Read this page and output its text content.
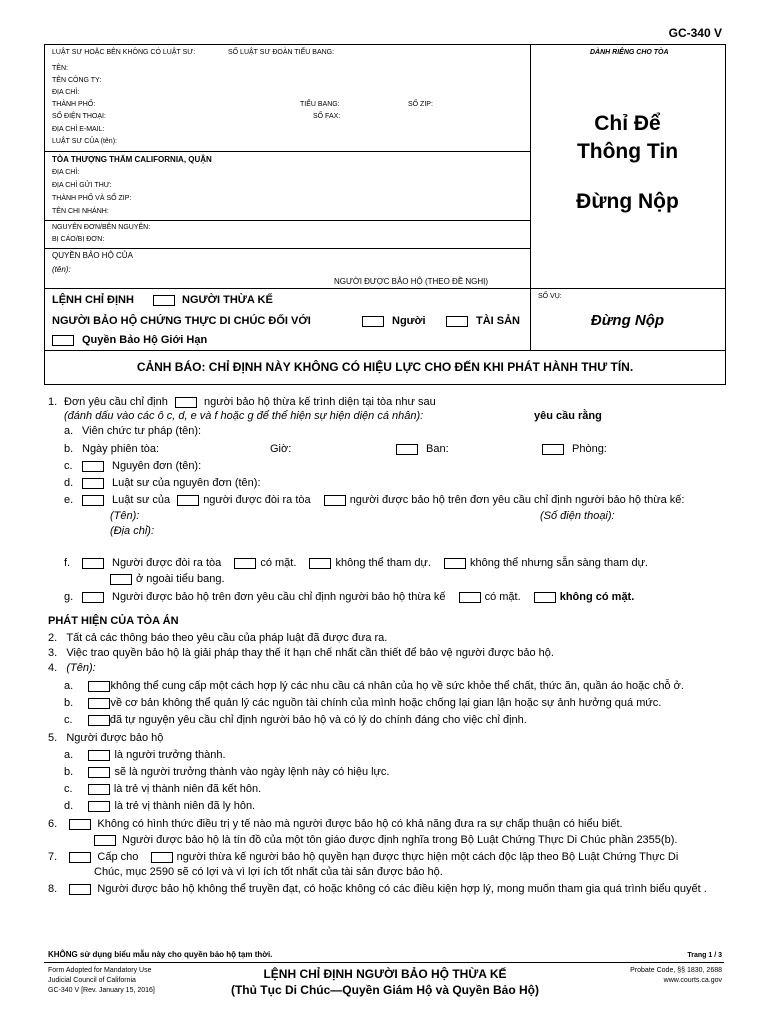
GC-340 V
LUẬT SƯ HOẶC BÊN KHÔNG CÓ LUẬT SƯ:	SỐ LUẬT SƯ ĐOÀN TIỂU BANG:	DÀNH RIÊNG CHO TÒA
TÊN:
TÊN CÔNG TY:
ĐỊA CHỈ:
THÀNH PHỐ:
SỐ ĐIỆN THOẠI:
ĐỊA CHỈ E-MAIL:
LUẬT SƯ CỦA (tên):
TIỂU BANG:	SỐ ZIP:
SỐ FAX:
TÒA THƯỢNG THẨM CALIFORNIA, QUẬN
ĐỊA CHỈ:
ĐỊA CHỈ GỬI THƯ:
THÀNH PHỐ VÀ SỐ ZIP:
TÊN CHI NHÁNH:
NGUYÊN ĐƠN/BÊN NGUYÊN:
BỊ CÁO/BỊ ĐƠN:
QUYỀN BẢO HỘ CỦA
(tên):
NGƯỜI ĐƯỢC BẢO HỘ (THEO ĐỀ NGHỊ)
Chỉ Để
Thông Tin
Đừng Nộp
SỐ VỤ:
Đừng Nộp
LỆNH CHỈ ĐỊNH	NGƯỜI THỪA KẾ
NGƯỜI BẢO HỘ CHỨNG THỰC DI CHÚC ĐỐI VỚI	Người	TÀI SẢN
Quyền Bảo Hộ Giới Hạn
CẢNH BÁO: CHỈ ĐỊNH NÀY KHÔNG CÓ HIỆU LỰC CHO ĐẾN KHI PHÁT HÀNH THƯ TÍN.
1. Đơn yêu cầu chỉ định	người bảo hộ thừa kế trình diện tại tòa như sau
(đánh dấu vào các ô c, d, e và f hoặc g để thể hiện sự hiện diện cá nhân):	yêu cầu rằng
a. Viên chức tư pháp (tên):
b. Ngày phiên tòa:	Giờ:	Ban:	Phòng:
c.	Nguyên đơn (tên):
d.	Luật sư của nguyên đơn (tên):
e.	Luật sư của	người được đòi ra tòa	người được bảo hộ trên đơn yêu cầu chỉ định người bảo hộ thừa kế:
(Tên):	(Số điện thoại):
(Địa chỉ):
f.	Người được đòi ra tòa	có mặt.	không thể tham dự.	không thể nhưng sẵn sàng tham dự.
ở ngoài tiểu bang.
g.	Người được bảo hộ trên đơn yêu cầu chỉ định người bảo hộ thừa kế	có mặt.	không có mặt.
PHÁT HIỆN CỦA TÒA ÁN
2.   Tất cả các thông báo theo yêu cầu của pháp luật đã được đưa ra.
3.   Việc trao quyền bảo hộ là giải pháp thay thế ít hạn chế nhất cần thiết để bảo vệ người được bảo hộ.
4.   (Tên):
a.     không thể cung cấp một cách hợp lý các nhu cầu cá nhân của họ về sức khỏe thể chất, thức ăn, quần áo hoặc chỗ ở.
b.     về cơ bản không thể quản lý các nguồn tài chính của mình hoặc chống lại gian lận hoặc sự ảnh hưởng quá mức.
c.     đã tự nguyện yêu cầu chỉ định người bảo hộ và có lý do chính đáng cho việc chỉ định.
5.   Người được bảo hộ
a.     là người trưởng thành.
b.     sẽ là người trưởng thành vào ngày lệnh này có hiệu lực.
c.     là trẻ vị thành niên đã kết hôn.
d.     là trẻ vị thành niên đã ly hôn.
6.	Không có hình thức điều trị y tế nào mà người được bảo hộ có khả năng đưa ra sự chấp thuận có hiểu biết.
Người được bảo hộ là tín đồ của một tôn giáo được định nghĩa trong Bộ Luật Chứng Thực Di Chúc phần 2355(b).
7.	Cấp cho	người thừa kế người bảo hộ quyền hạn được thực hiện một cách độc lập theo Bộ Luật Chứng Thực Di
Chúc, mục 2590 sẽ có lợi và vì lợi ích tốt nhất của tài sản được bảo hộ.
8.	Người được bảo hộ không thể truyền đạt, có hoặc không có các điều kiện hợp lý, mong muốn tham gia quá trình biểu quyết .
KHÔNG sử dụng biểu mẫu này cho quyền bảo hộ tạm thời.	Trang 1 / 3
Form Adopted for Mandatory Use
Judicial Council of California
GC-340 V [Rev. January 15, 2016]
LỆNH CHỈ ĐỊNH NGƯỜI BẢO HỘ THỪA KẾ
(Thủ Tục Di Chúc—Quyền Giám Hộ và Quyền Bảo Hộ)
Probate Code, §§ 1830, 2688
www.courts.ca.gov
